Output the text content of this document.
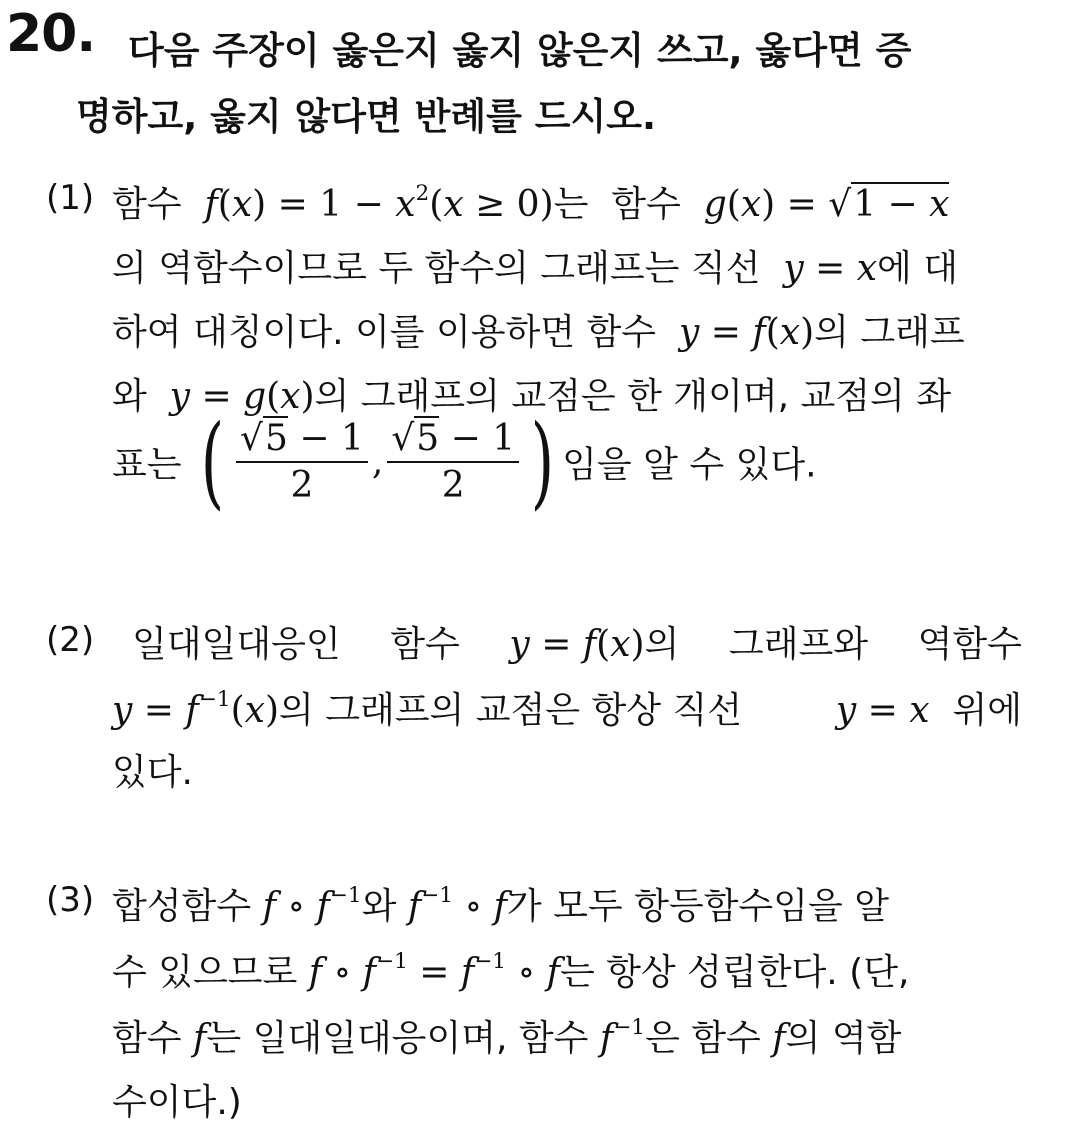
20. 다음 주장이 옳은지 옳지 않은지 쓰고, 옳다면 증
명하고, 옳지 않다면 반례를 드시오.
(1) 함수 $f(x) = 1 - x^2(x \ge 0)$는 함수 g(x) = √1 − x
의 역함수이므로 두 함수의 그래프는 직선 y = x에 대
하여 대칭이다. 이를 이용하면 함수 y = f(x)의 그래프
와 y = g(x)의 그래프의 교점은 한 개이며, 교점의 좌
표는 ( $\frac{√5 - 1}{2}$ , $\frac{√5 - 1}{2}$ ) 임을 알 수 있다.
(2) 일대일대응인 함수 y = f(x)의 그래프와 역함수
$y = f^{-1}(x)$의 그래프의 교점은 항상 직선	y = x 위에
있다.
(3) 합성함수 f ∘ $f^{-1}$와 $f^{-1}$ ∘ f가 모두 항등함수임을 알
수 있으므로 f ∘ $f^{-1} = f^{-1}$ ∘ f는 항상 성립한다. (단,
함수 f는 일대일대응이며, 함수 $f^{-1}$은 함수 f의 역함
수이다.)
